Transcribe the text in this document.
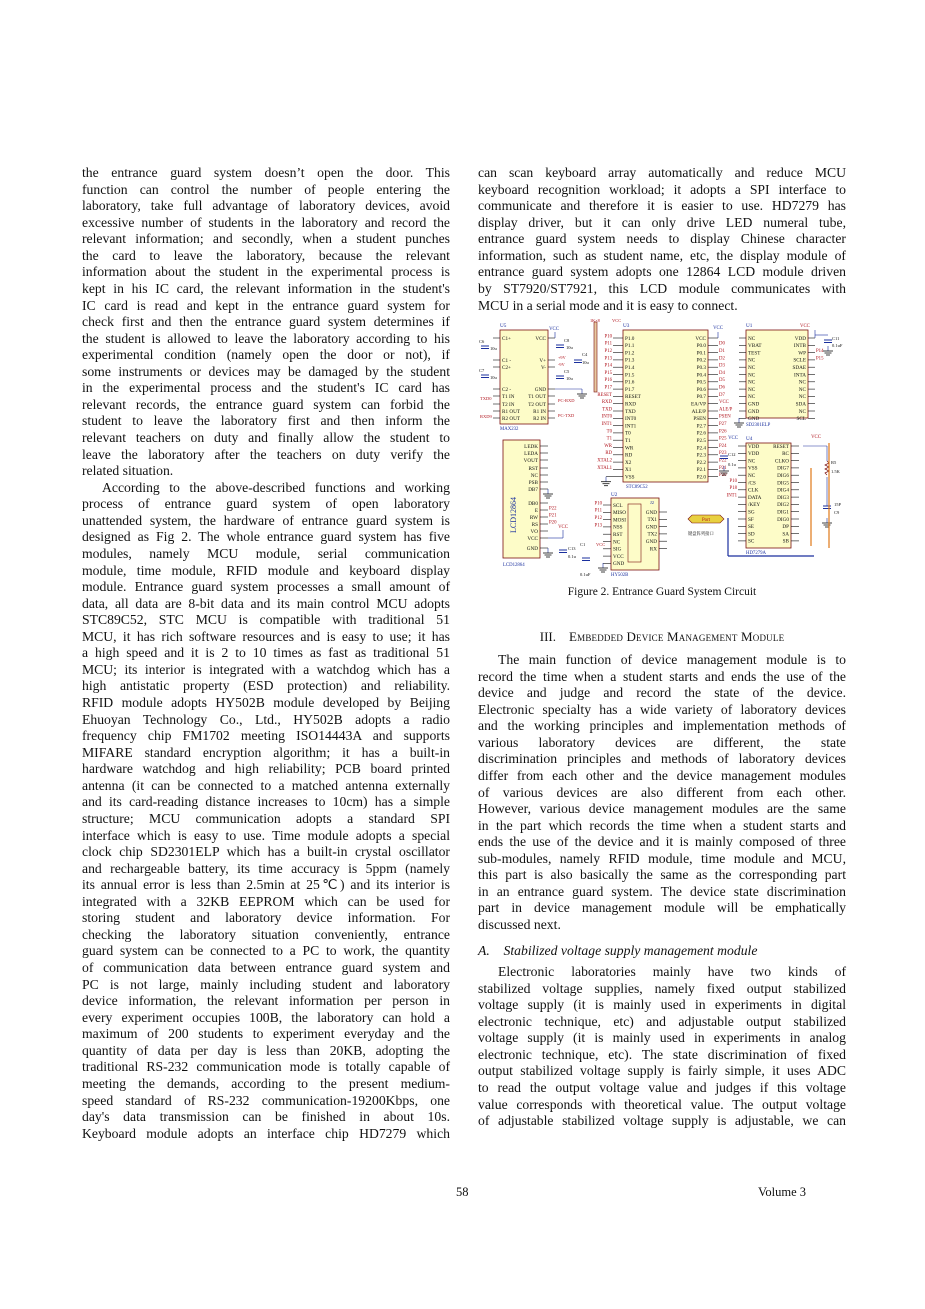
the entrance guard system doesn’t open the door. This
function can control the number of people entering the
laboratory, take full advantage of laboratory devices, avoid
excessive number of students in the laboratory and record the
relevant information; and secondly, when a student punches
the card to leave the laboratory, because the relevant
information about the student in the experimental process is
kept in his IC card, the relevant information in the student's
IC card is read and kept in the entrance guard system for
check first and then the entrance guard system determines if
the student is allowed to leave the laboratory according to his
experimental condition (namely open the door or not), if
some instruments or devices may be damaged by the student
in the experimental process and the student's IC card has
relevant records, the entrance guard system can forbid the
student to leave the laboratory first and then inform the
relevant teachers on duty and finally allow the student to
leave the laboratory after the teachers on duty verify the
related situation.
According to the above-described functions and working
process of entrance guard system of open laboratory
unattended system, the hardware of entrance guard system is
designed as Fig 2. The whole entrance guard system has five
modules, namely MCU module, serial communication
module, time module, RFID module and keyboard display
module. Entrance guard system processes a small amount of
data, all data are 8-bit data and its main control MCU adopts
STC89C52, STC MCU is compatible with traditional 51
MCU, it has rich software resources and is easy to use; it has
a high speed and it is 2 to 10 times as fast as traditional 51
MCU; its interior is integrated with a watchdog which has a
high antistatic property (ESD protection) and reliability.
RFID module adopts HY502B module developed by Beijing
Ehuoyan Technology Co., Ltd., HY502B adopts a radio
frequency chip FM1702 meeting ISO14443A and supports
MIFARE standard encryption algorithm; it has a built-in
hardware watchdog and high reliability; PCB board printed
antenna (it can be connected to a matched antenna externally
and its card-reading distance increases to 10cm) has a simple
structure; MCU communication adopts a standard SPI
interface which is easy to use. Time module adopts a special
clock chip SD2301ELP which has a built-in crystal oscillator
and rechargeable battery, its time accuracy is 5ppm (namely
its annual error is less than 2.5min at 25℃) and its interior is
integrated with a 32KB EEPROM which can be used for
storing student and laboratory device information. For
checking the laboratory situation conveniently, entrance
guard system can be connected to a PC to work, the quantity
of communication data between entrance guard system and
PC is not large, mainly including student and laboratory
device information, the relevant information per person in
every experiment occupies 100B, the laboratory can hold a
maximum of 200 students to experiment everyday and the
quantity of data per day is less than 20KB, adopting the
traditional RS-232 communication mode is totally capable of
meeting the demands, according to the present medium-
speed standard of RS-232 communication-19200Kbps, one
day's data transmission can be finished in about 10s.
Keyboard module adopts an interface chip HD7279 which
can scan keyboard array automatically and reduce MCU
keyboard recognition workload; it adopts a SPI interface to
communicate and therefore it is easier to use. HD7279 has
display driver, but it can only drive LED numeral tube,
entrance guard system needs to display Chinese character
information, such as student name, etc, the display module of
entrance guard system adopts one 12864 LCD module driven
by ST7920/ST7921, this LCD module communicates with
MCU in a serial mode and it is easy to connect.
C1+
C1 -
C2+
C2 -
T1 IN
T2 IN
R1 OUT
R2 OUT
VCC
V+
V-
GND
T1 OUT
T2 OUT
R1 IN
R2 IN
U5
MAX232
C6
10u
C7
10u
C8
10u
C5
10u
C4
10u
VCC
+9V
-9V
TXD0
RXD9
PC-RXD
PC-TXD
1K×8	VCC
P1.0
P10
P1.1
P11
P1.2
P12
P1.3
P13
P1.4
P14
P1.5
P15
P1.6
P16
P1.7
P17
RESET
RESET
RXD
RXD
TXD
TXD
INT0
INT0
INT1
INT1
T0
T0
T1
T1
WR
WR
RD
RD
X2
XTAL2
X1
XTAL1
VSS
VCC
P0.0	D0
P0.1	D1
P0.2	D2
P0.3	D3
P0.4	D4
P0.5	D5
P0.6	D6
P0.7	D7
EA/VP	VCC
ALE/P	ALE/P
PSEN	PSEN
P2.7	P27
P2.6	P26
P2.5	P25
P2.4	P24
P2.3	P23
P2.2	P22
P2.1	P21
P2.0	P20
U3
STC89C52
VCC
NC
VBAT
TEST
NC
NC
NC
NC
NC
NC
GND
GND
GND
VDD
INTB
WP P14
SCLE P15
SDAE
INTA
NC
NC
NC
SDA
NC
SCL
U1
SD2301ELP
VCC
C11
0.1uF
LEDK
LEDA
VOUT
RST
NC
PSB
DB7
DB0
E P22
RW P21
RS P20
VO
VCC
GND
LCD12864
LCD12864
VCC
C13
0.1u
SCL
P10
MISO
P11
MOSI
P12
NSS
P13
RST
NC
SIG
VCC
GND
GND
TX1
GND
TX2
GND
RX
U2
J2
HY502B
C1
0.1uF
VCC
VDD
VDD
NC
VSS
NC
/CS
P10
CLK
P18
DATA
INT1
/KEY
SG
SF
SE
SD
SC
RESET
RC
CLKO
DIG7
DIG6
DIG5
DIG4
DIG3
DIG2
DIG1
DIG0
DP
SA
SB
U4
HD7279A
VCC
C12
0.1u
VCC
R5
1.5K
15P
C9
Port
键盘阵列接口
Figure 2. Entrance Guard System Circuit
III. Embedded Device Management Module
The main function of device management module is to
record the time when a student starts and ends the use of the
device and judge and record the state of the device.
Electronic specialty has a wide variety of laboratory devices
and the working principles and implementation methods of
various laboratory devices are different, the state
discrimination principles and methods of laboratory devices
differ from each other and the device management modules
of various devices are also different from each other.
However, various device management modules are the same
in the part which records the time when a student starts and
ends the use of the device and it is mainly composed of three
sub-modules, namely RFID module, time module and MCU,
this part is also basically the same as the corresponding part
in an entrance guard system. The device state discrimination
part in device management module will be emphatically
discussed next.
A. Stabilized voltage supply management module
Electronic laboratories mainly have two kinds of
stabilized voltage supplies, namely fixed output stabilized
voltage supply (it is mainly used in experiments in digital
electronic technique, etc) and adjustable output stabilized
voltage supply (it is mainly used in experiments in analog
electronic technique, etc). The state discrimination of fixed
output stabilized voltage supply is fairly simple, it uses ADC
to read the output voltage value and judges if this voltage
value corresponds with theoretical value. The output voltage
of adjustable stabilized voltage supply is adjustable, we can
58	Volume 3
